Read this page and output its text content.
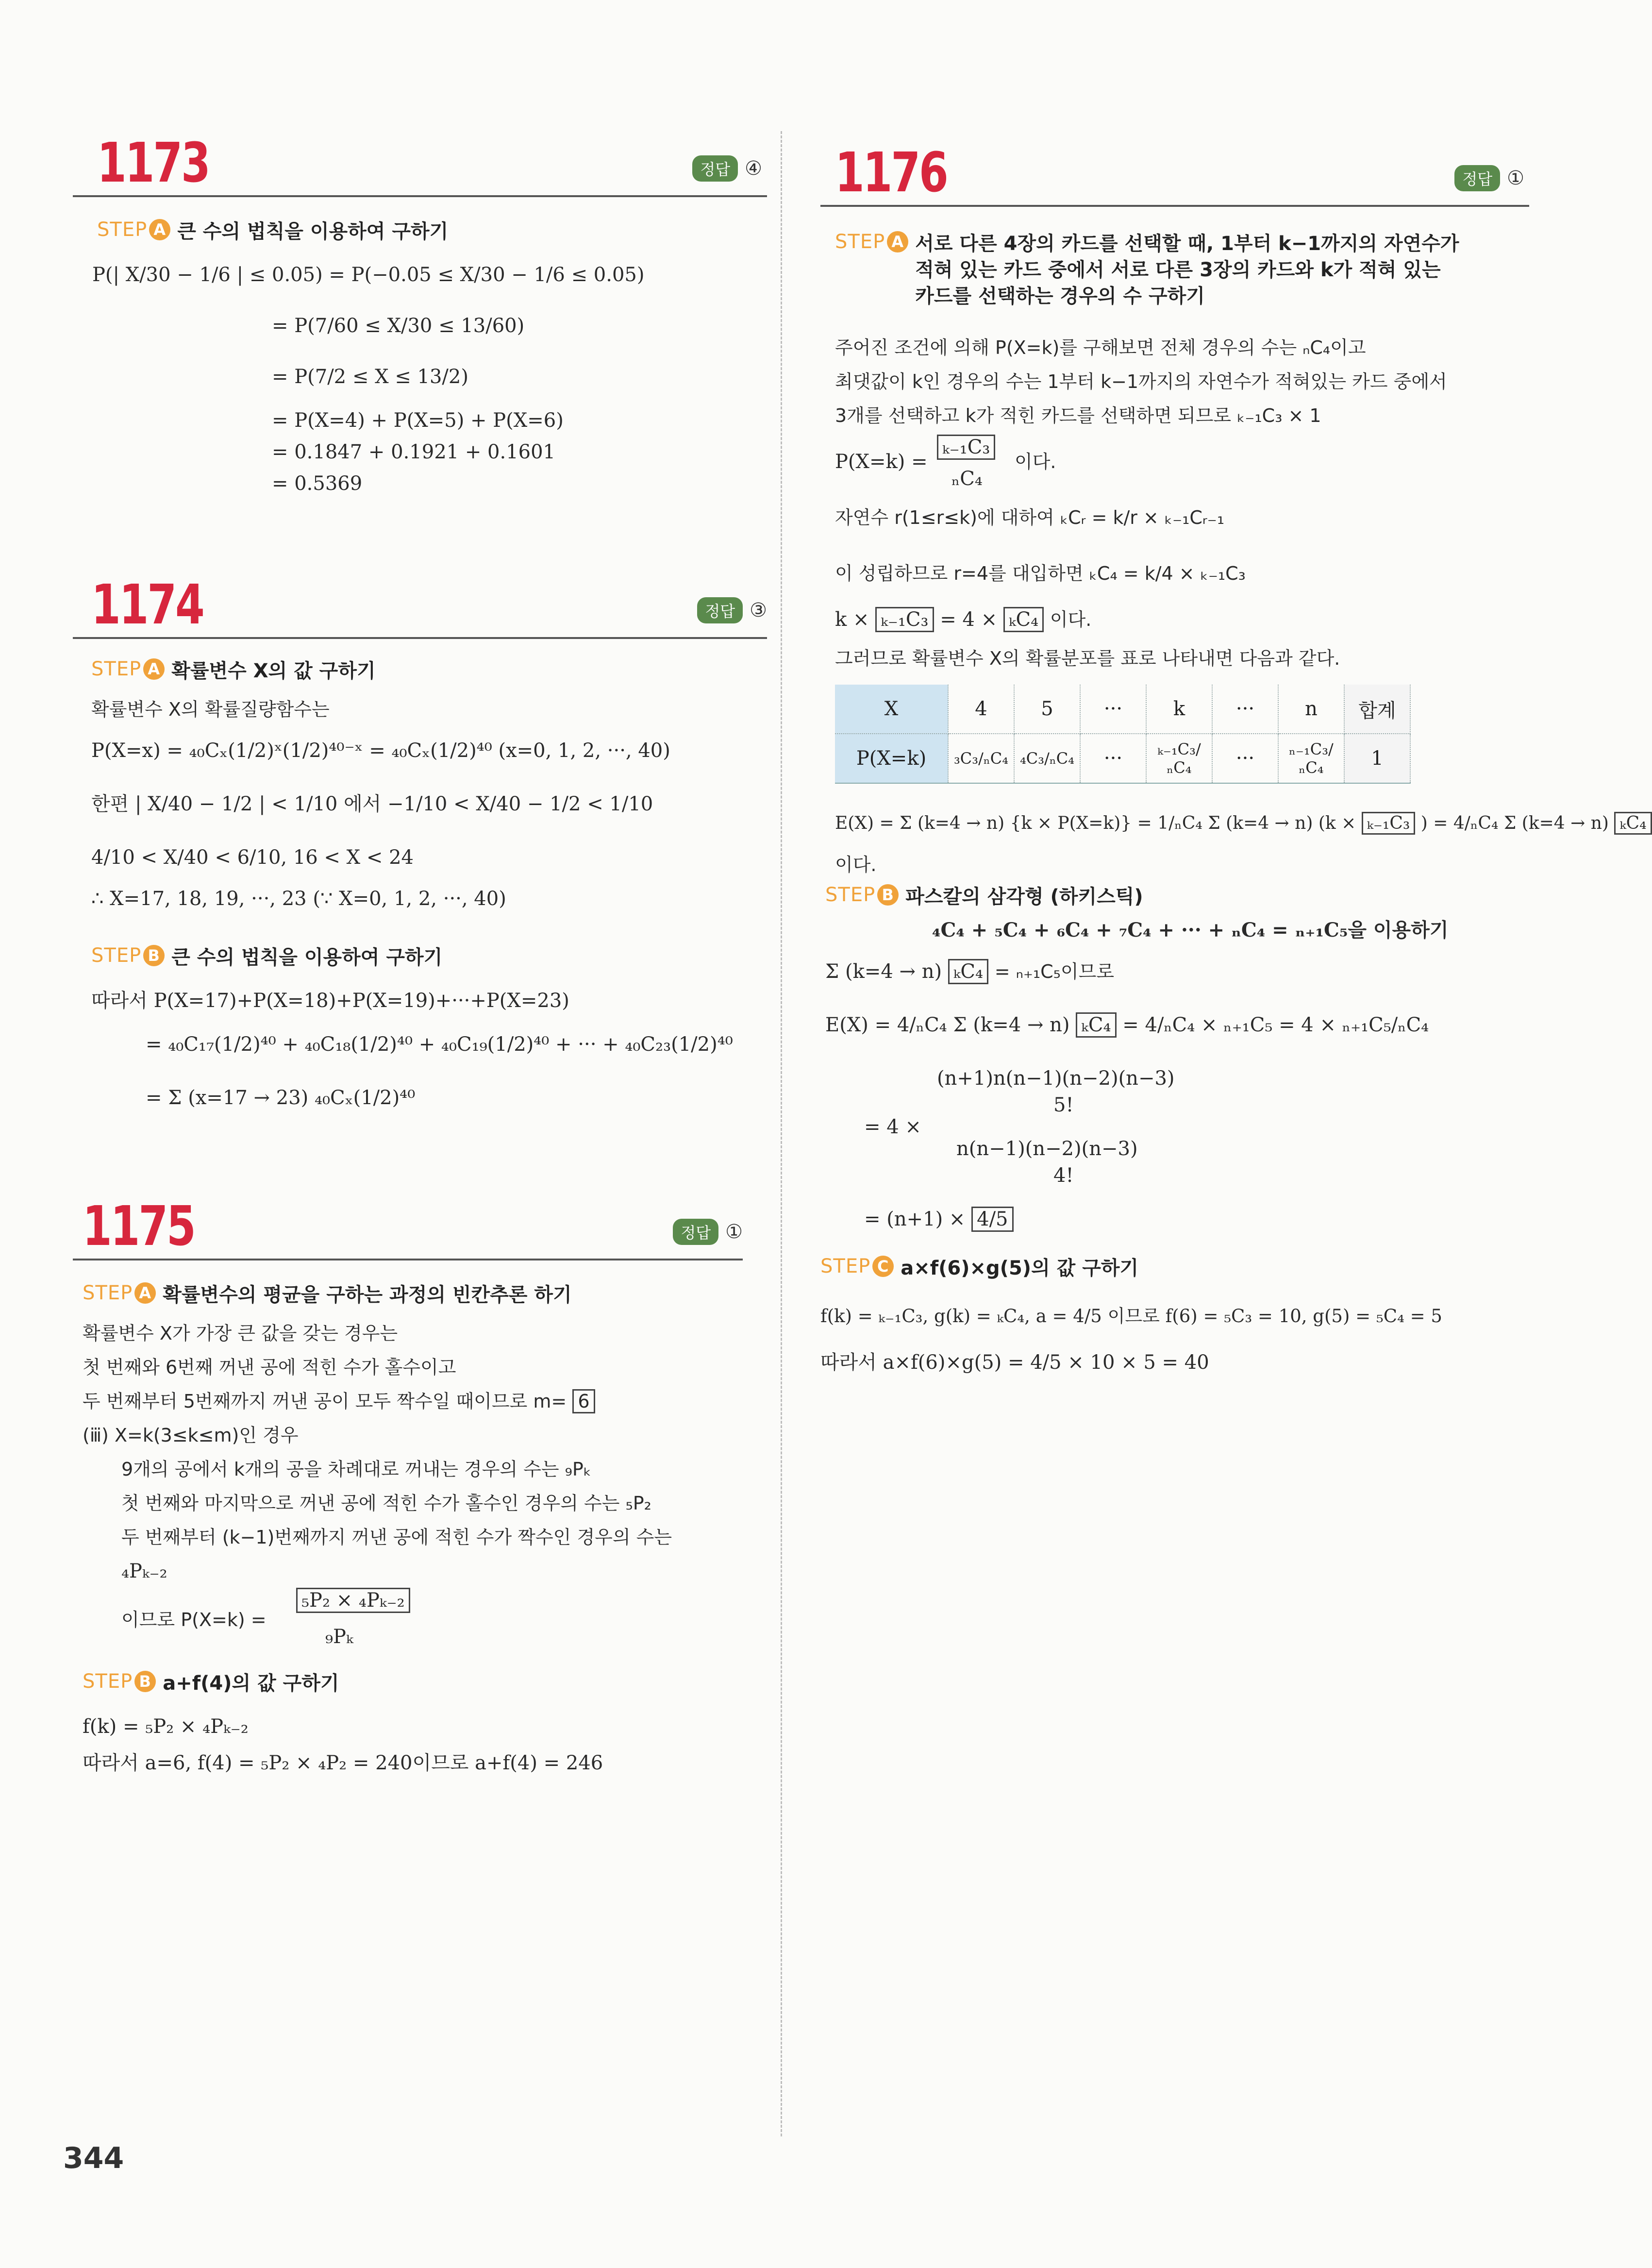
1173	정답 ④
STEP A 큰 수의 법칙을 이용하여 구하기
P(| X/30 − 1/6 | ≤ 0.05) = P(−0.05 ≤ X/30 − 1/6 ≤ 0.05)
= P(7/60 ≤ X/30 ≤ 13/60)
= P(7/2 ≤ X ≤ 13/2)
= P(X=4) + P(X=5) + P(X=6)
= 0.1847 + 0.1921 + 0.1601
= 0.5369
1174	정답 ③
STEP A 확률변수 X의 값 구하기
확률변수 X의 확률질량함수는
P(X=x) = ₄₀Cₓ(1/2)ˣ(1/2)⁴⁰⁻ˣ = ₄₀Cₓ(1/2)⁴⁰ (x=0, 1, 2, ···, 40)
한편 | X/40 − 1/2 | < 1/10 에서 −1/10 < X/40 − 1/2 < 1/10
4/10 < X/40 < 6/10, 16 < X < 24
∴ X=17, 18, 19, ···, 23 (∵ X=0, 1, 2, ···, 40)
STEP B 큰 수의 법칙을 이용하여 구하기
따라서 P(X=17)+P(X=18)+P(X=19)+···+P(X=23)
= ₄₀C₁₇(1/2)⁴⁰ + ₄₀C₁₈(1/2)⁴⁰ + ₄₀C₁₉(1/2)⁴⁰ + ··· + ₄₀C₂₃(1/2)⁴⁰
= Σ (x=17 → 23) ₄₀Cₓ(1/2)⁴⁰
1175	정답 ①
STEP A 확률변수의 평균을 구하는 과정의 빈칸추론 하기
확률변수 X가 가장 큰 값을 갖는 경우는
첫 번째와 6번째 꺼낸 공에 적힌 수가 홀수이고
두 번째부터 5번째까지 꺼낸 공이 모두 짝수일 때이므로 m= 6
(ⅲ) X=k(3≤k≤m)인 경우
9개의 공에서 k개의 공을 차례대로 꺼내는 경우의 수는 ₉Pₖ
첫 번째와 마지막으로 꺼낸 공에 적힌 수가 홀수인 경우의 수는 ₅P₂
두 번째부터 (k−1)번째까지 꺼낸 공에 적힌 수가 짝수인 경우의 수는
₄Pₖ₋₂
이므로 P(X=k) =
₅P₂ × ₄Pₖ₋₂
₉Pₖ
STEP B a+f(4)의 값 구하기
f(k) = ₅P₂ × ₄Pₖ₋₂
따라서 a=6, f(4) = ₅P₂ × ₄P₂ = 240이므로 a+f(4) = 246
1176	정답 ①
STEP A 서로 다른 4장의 카드를 선택할 때, 1부터 k−1까지의 자연수가
적혀 있는 카드 중에서 서로 다른 3장의 카드와 k가 적혀 있는
카드를 선택하는 경우의 수 구하기
주어진 조건에 의해 P(X=k)를 구해보면 전체 경우의 수는 ₙC₄이고
최댓값이 k인 경우의 수는 1부터 k−1까지의 자연수가 적혀있는 카드 중에서
3개를 선택하고 k가 적힌 카드를 선택하면 되므로 ₖ₋₁C₃ × 1
P(X=k) =
ₖ₋₁C₃
ₙC₄
이다.
자연수 r(1≤r≤k)에 대하여 ₖCᵣ = k/r × ₖ₋₁Cᵣ₋₁
이 성립하므로 r=4를 대입하면 ₖC₄ = k/4 × ₖ₋₁C₃
k × ₖ₋₁C₃ = 4 × ₖC₄ 이다.
그러므로 확률변수 X의 확률분포를 표로 나타내면 다음과 같다.
X	4	5	···	k	···	n	합계
P(X=k)	₃C₃/ₙC₄	₄C₃/ₙC₄	···	ₖ₋₁C₃/ₙC₄	···	ₙ₋₁C₃/ₙC₄	1
E(X) = Σ (k=4 → n) {k × P(X=k)} = 1/ₙC₄ Σ (k=4 → n) (k × ₖ₋₁C₃ ) = 4/ₙC₄ Σ (k=4 → n) ₖC₄
이다.
STEP B 파스칼의 삼각형 (하키스틱)
₄C₄ + ₅C₄ + ₆C₄ + ₇C₄ + ··· + ₙC₄ = ₙ₊₁C₅을 이용하기
Σ (k=4 → n) ₖC₄ = ₙ₊₁C₅이므로
E(X) = 4/ₙC₄ Σ (k=4 → n) ₖC₄ = 4/ₙC₄ × ₙ₊₁C₅ = 4 × ₙ₊₁C₅/ₙC₄
(n+1)n(n−1)(n−2)(n−3)
5!
= 4 ×
n(n−1)(n−2)(n−3)
4!
= (n+1) × 4/5
STEP C a×f(6)×g(5)의 값 구하기
f(k) = ₖ₋₁C₃, g(k) = ₖC₄, a = 4/5 이므로 f(6) = ₅C₃ = 10, g(5) = ₅C₄ = 5
따라서 a×f(6)×g(5) = 4/5 × 10 × 5 = 40
344
